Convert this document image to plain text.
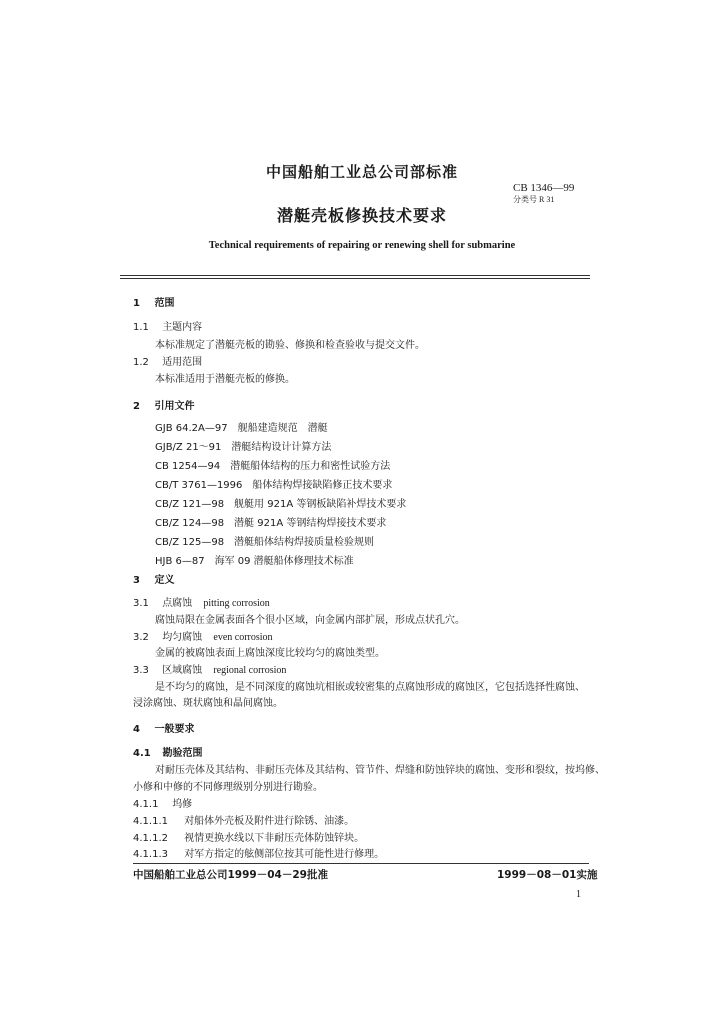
中国船舶工业总公司部标准
CB 1346—99
分类号 R 31
潜艇壳板修换技术要求
Technical requirements of repairing or renewing shell for submarine
1 范围
1.1 主题内容
本标准规定了潜艇壳板的勘验、修换和检查验收与提交文件。
1.2 适用范围
本标准适用于潜艇壳板的修换。
2 引用文件
GJB 64.2A—97　舰船建造规范　潜艇
GJB/Z 21～91　潜艇结构设计计算方法
CB 1254—94　潜艇船体结构的压力和密性试验方法
CB/T 3761—1996　船体结构焊接缺陷修正技术要求
CB/Z 121—98　舰艇用 921A 等钢板缺陷补焊技术要求
CB/Z 124—98　潜艇 921A 等钢结构焊接技术要求
CB/Z 125—98　潜艇船体结构焊接质量检验规则
HJB 6—87　海军 09 潜艇船体修理技术标准
3 定义
3.1 点腐蚀 pitting corrosion
腐蚀局限在金属表面各个很小区域，向金属内部扩展，形成点状孔穴。
3.2 均匀腐蚀 even corrosion
金属的被腐蚀表面上腐蚀深度比较均匀的腐蚀类型。
3.3 区域腐蚀 regional corrosion
是不均匀的腐蚀，是不同深度的腐蚀坑相嵌或较密集的点腐蚀形成的腐蚀区，它包括选择性腐蚀、
浸涂腐蚀、斑状腐蚀和晶间腐蚀。
4 一般要求
4.1 勘验范围
对耐压壳体及其结构、非耐压壳体及其结构、管节件、焊缝和防蚀锌块的腐蚀、变形和裂纹，按坞修、
小修和中修的不同修理级别分别进行勘验。
4.1.1 坞修
4.1.1.1 对船体外壳板及附件进行除锈、油漆。
4.1.1.2 视情更换水线以下非耐压壳体防蚀锌块。
4.1.1.3 对军方指定的舷侧部位按其可能性进行修理。
中国船舶工业总公司1999－04－29批准	1999－08－01实施
1
